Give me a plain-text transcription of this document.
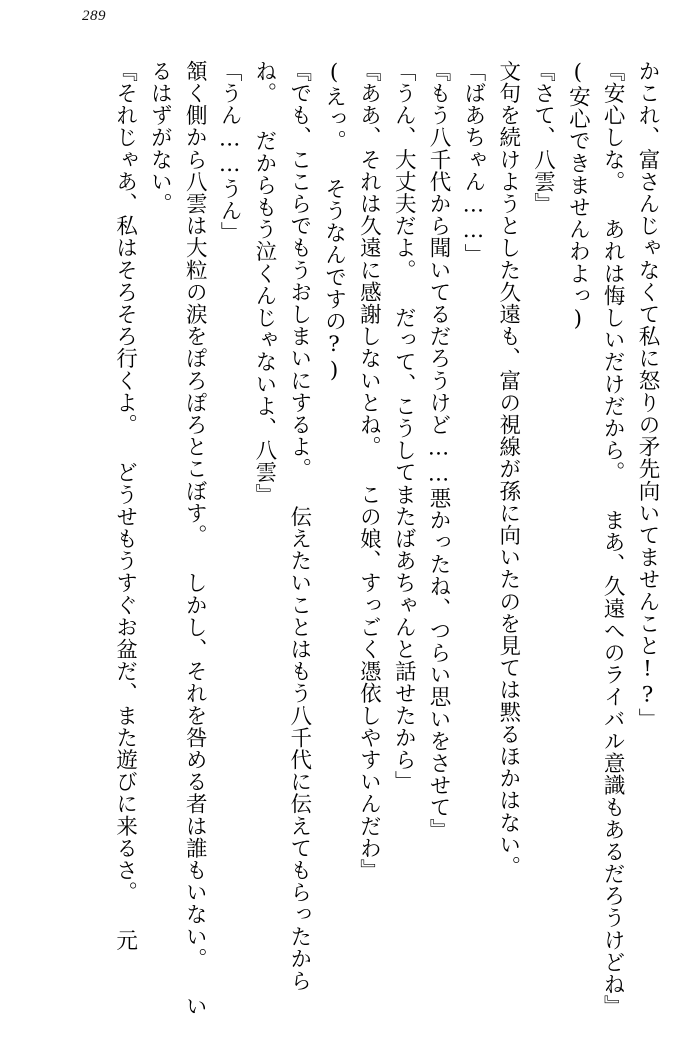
289

かこれ、富さんじゃなくて私に怒りの矛先向いてませんこと!?」

『安心しな。 あれは悔しいだけだから。 まあ、久遠へのライバル意識もあるだろうけどね』

(安心できませんわよっ)

『さて、八雲』

文句を続けようとした久遠も、富の視線が孫に向いたのを見ては黙るほかはない。

「ばあちゃん……」

『もう八千代から聞いてるだろうけど……悪かったね、つらい思いをさせて』

「うん、大丈夫だよ。 だって、こうしてまたばあちゃんと話せたから」

『ああ、それは久遠に感謝しないとね。 この娘、すっごく憑依しやすいんだわ』

(えっ。 そうなんですの?)

『でも、ここらでもうおしまいにするよ。 伝えたいことはもう八千代に伝えてもらったからね。 だからもう泣くんじゃないよ、八雲』

「うん……うん」

頷く側から八雲は大粒の涙をぽろぽろとこぼす。 しかし、それを咎める者は誰もいない。 いるはずがない。

『それじゃあ、私はそろそろ行くよ。 どうせもうすぐお盆だ、また遊びに来るさ。 元
